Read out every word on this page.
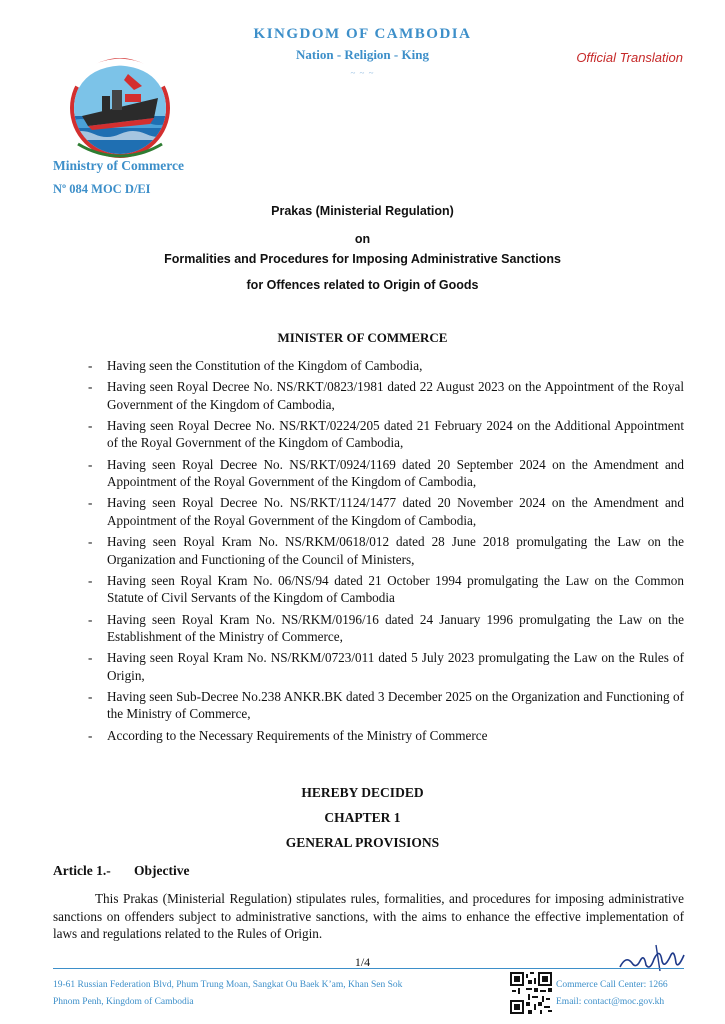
KINGDOM OF CAMBODIA
Nation - Religion - King
~ ~ ~
Official Translation
Ministry of Commerce
Nº 084 MOC D/EI
Prakas (Ministerial Regulation)
on
Formalities and Procedures for Imposing Administrative Sanctions
for Offences related to Origin of Goods
MINISTER OF COMMERCE
- Having seen the Constitution of the Kingdom of Cambodia,
- Having seen Royal Decree No. NS/RKT/0823/1981 dated 22 August 2023 on the Appointment of the Royal Government of the Kingdom of Cambodia,
- Having seen Royal Decree No. NS/RKT/0224/205 dated 21 February 2024 on the Additional Appointment of the Royal Government of the Kingdom of Cambodia,
- Having seen Royal Decree No. NS/RKT/0924/1169 dated 20 September 2024 on the Amendment and Appointment of the Royal Government of the Kingdom of Cambodia,
- Having seen Royal Decree No. NS/RKT/1124/1477 dated 20 November 2024 on the Amendment and Appointment of the Royal Government of the Kingdom of Cambodia,
- Having seen Royal Kram No. NS/RKM/0618/012 dated 28 June 2018 promulgating the Law on the Organization and Functioning of the Council of Ministers,
- Having seen Royal Kram No. 06/NS/94 dated 21 October 1994 promulgating the Law on the Common Statute of Civil Servants of the Kingdom of Cambodia
- Having seen Royal Kram No. NS/RKM/0196/16 dated 24 January 1996 promulgating the Law on the Establishment of the Ministry of Commerce,
- Having seen Royal Kram No. NS/RKM/0723/011 dated 5 July 2023 promulgating the Law on the Rules of Origin,
- Having seen Sub-Decree No.238 ANKR.BK dated 3 December 2025 on the Organization and Functioning of the Ministry of Commerce,
- According to the Necessary Requirements of the Ministry of Commerce
HEREBY DECIDED
CHAPTER 1
GENERAL PROVISIONS
Article 1.- Objective
This Prakas (Ministerial Regulation) stipulates rules, formalities, and procedures for imposing administrative sanctions on offenders subject to administrative sanctions, with the aims to enhance the effective implementation of laws and regulations related to the Rules of Origin.
1/4
19-61 Russian Federation Blvd, Phum Trung Moan, Sangkat Ou Baek K’am, Khan Sen Sok
Phnom Penh, Kingdom of Cambodia
Commerce Call Center: 1266
Email: contact@moc.gov.kh
